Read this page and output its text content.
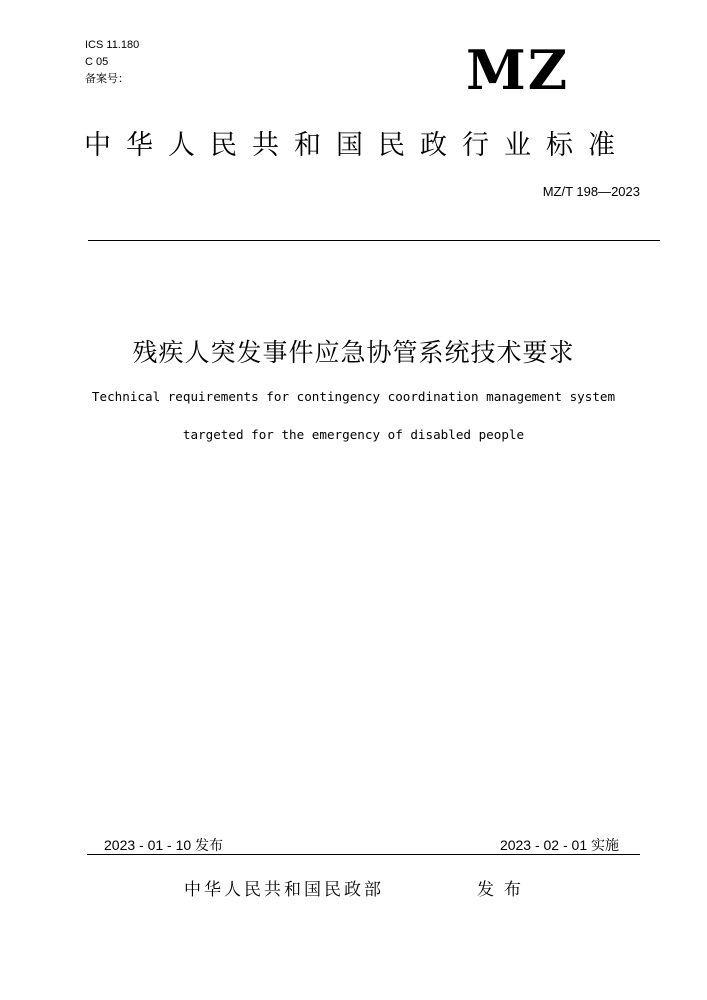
ICS 11.180
C 05
备案号：	MZ
中华人民共和国民政行业标准
MZ/T 198—2023
残疾人突发事件应急协管系统技术要求
Technical requirements for contingency coordination management system
targeted for the emergency of disabled people
2023 - 01 - 10 发布	2023 - 02 - 01 实施
中华人民共和国民政部	发布
